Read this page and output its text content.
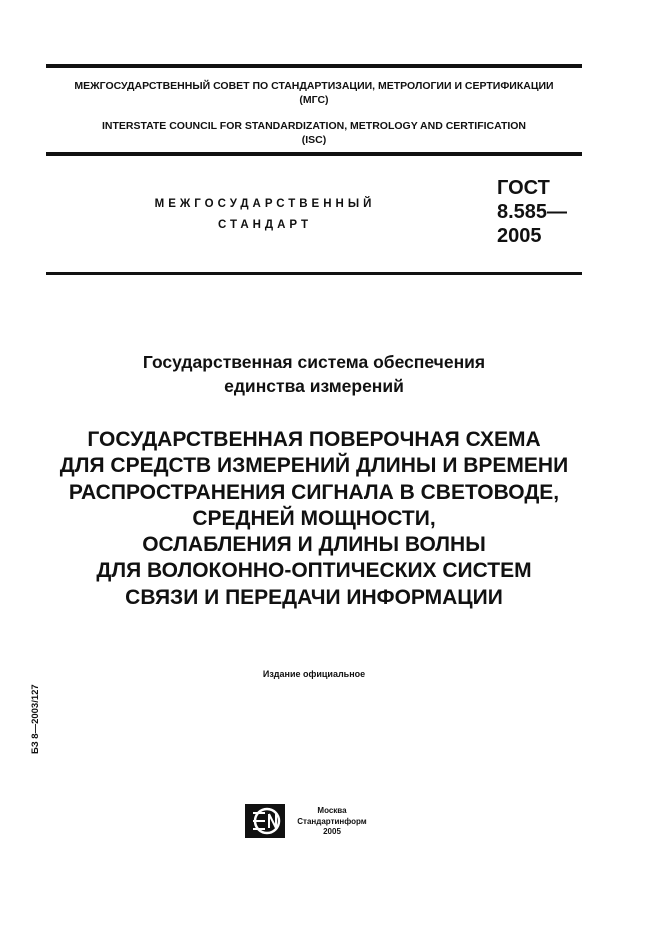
МЕЖГОСУДАРСТВЕННЫЙ СОВЕТ ПО СТАНДАРТИЗАЦИИ, МЕТРОЛОГИИ И СЕРТИФИКАЦИИ
(МГС)
INTERSTATE COUNCIL FOR STANDARDIZATION, METROLOGY AND CERTIFICATION
(ISC)
МЕЖГОСУДАРСТВЕННЫЙ
СТАНДАРТ
ГОСТ
8.585—
2005
Государственная система обеспечения
единства измерений
ГОСУДАРСТВЕННАЯ ПОВЕРОЧНАЯ СХЕМА
ДЛЯ СРЕДСТВ ИЗМЕРЕНИЙ ДЛИНЫ И ВРЕМЕНИ
РАСПРОСТРАНЕНИЯ СИГНАЛА В СВЕТОВОДЕ,
СРЕДНЕЙ МОЩНОСТИ,
ОСЛАБЛЕНИЯ И ДЛИНЫ ВОЛНЫ
ДЛЯ ВОЛОКОННО-ОПТИЧЕСКИХ СИСТЕМ
СВЯЗИ И ПЕРЕДАЧИ ИНФОРМАЦИИ
Издание официальное
БЗ 8—2003/127
Москва
Стандартинформ
2005
